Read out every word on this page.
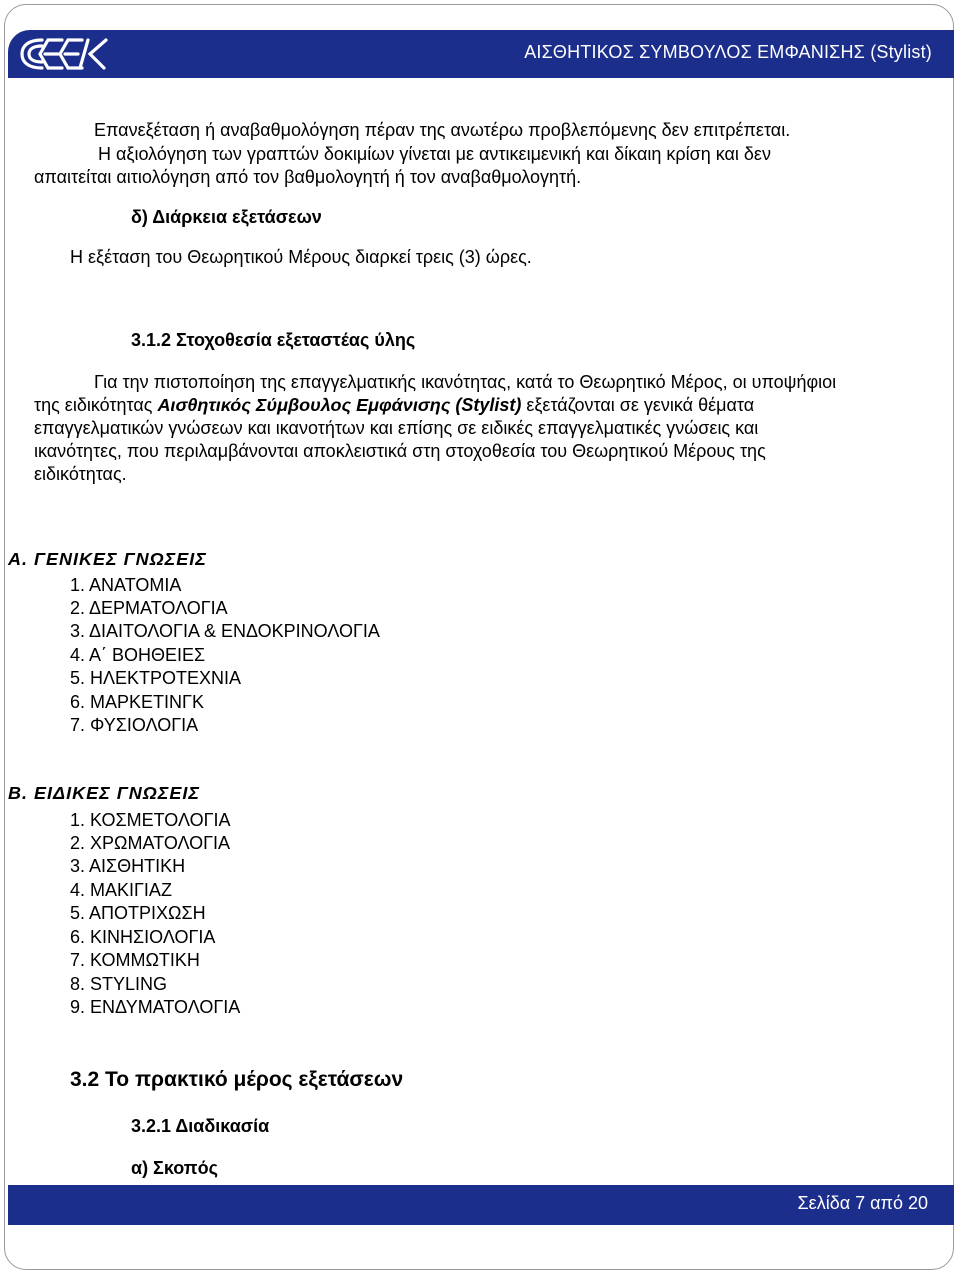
ΑΙΣΘΗΤΙΚΟΣ ΣΥΜΒΟΥΛΟΣ ΕΜΦΑΝΙΣΗΣ (Stylist)
Επανεξέταση ή αναβαθμολόγηση πέραν της ανωτέρω προβλεπόμενης δεν επιτρέπεται.
Η αξιολόγηση των γραπτών δοκιμίων γίνεται με αντικειμενική και δίκαιη κρίση και δεν
απαιτείται αιτιολόγηση από τον βαθμολογητή ή τον αναβαθμολογητή.
δ) Διάρκεια εξετάσεων
Η εξέταση του Θεωρητικού Μέρους διαρκεί τρεις (3) ώρες.
3.1.2 Στοχοθεσία εξεταστέας ύλης
Για την πιστοποίηση της επαγγελματικής ικανότητας, κατά το Θεωρητικό Μέρος, οι υποψήφιοι
της ειδικότητας Αισθητικός Σύμβουλος Εμφάνισης (Stylist) εξετάζονται σε γενικά θέματα
επαγγελματικών γνώσεων και ικανοτήτων και επίσης σε ειδικές επαγγελματικές γνώσεις και
ικανότητες, που περιλαμβάνονται αποκλειστικά στη στοχοθεσία του Θεωρητικού Μέρους της
ειδικότητας.
Α. ΓΕΝΙΚΕΣ ΓΝΩΣΕΙΣ
1. ΑΝΑΤΟΜΙΑ
2. ΔΕΡΜΑΤΟΛΟΓΙΑ
3. ΔΙΑΙΤΟΛΟΓΙΑ & ΕΝΔΟΚΡΙΝΟΛΟΓΙΑ
4. Α΄ ΒΟΗΘΕΙΕΣ
5. ΗΛΕΚΤΡΟΤΕΧΝΙΑ
6. ΜΑΡΚΕΤΙΝΓΚ
7. ΦΥΣΙΟΛΟΓΙΑ
Β. ΕΙΔΙΚΕΣ ΓΝΩΣΕΙΣ
1. ΚΟΣΜΕΤΟΛΟΓΙΑ
2. ΧΡΩΜΑΤΟΛΟΓΙΑ
3. ΑΙΣΘΗΤΙΚΗ
4. ΜΑΚΙΓΙΑΖ
5. ΑΠΟΤΡΙΧΩΣΗ
6. ΚΙΝΗΣΙΟΛΟΓΙΑ
7. ΚΟΜΜΩΤΙΚΗ
8. STYLING
9. ΕΝΔΥΜΑΤΟΛΟΓΙΑ
3.2 Το πρακτικό μέρος εξετάσεων
3.2.1 Διαδικασία
α) Σκοπός
Σελίδα 7 από 20
